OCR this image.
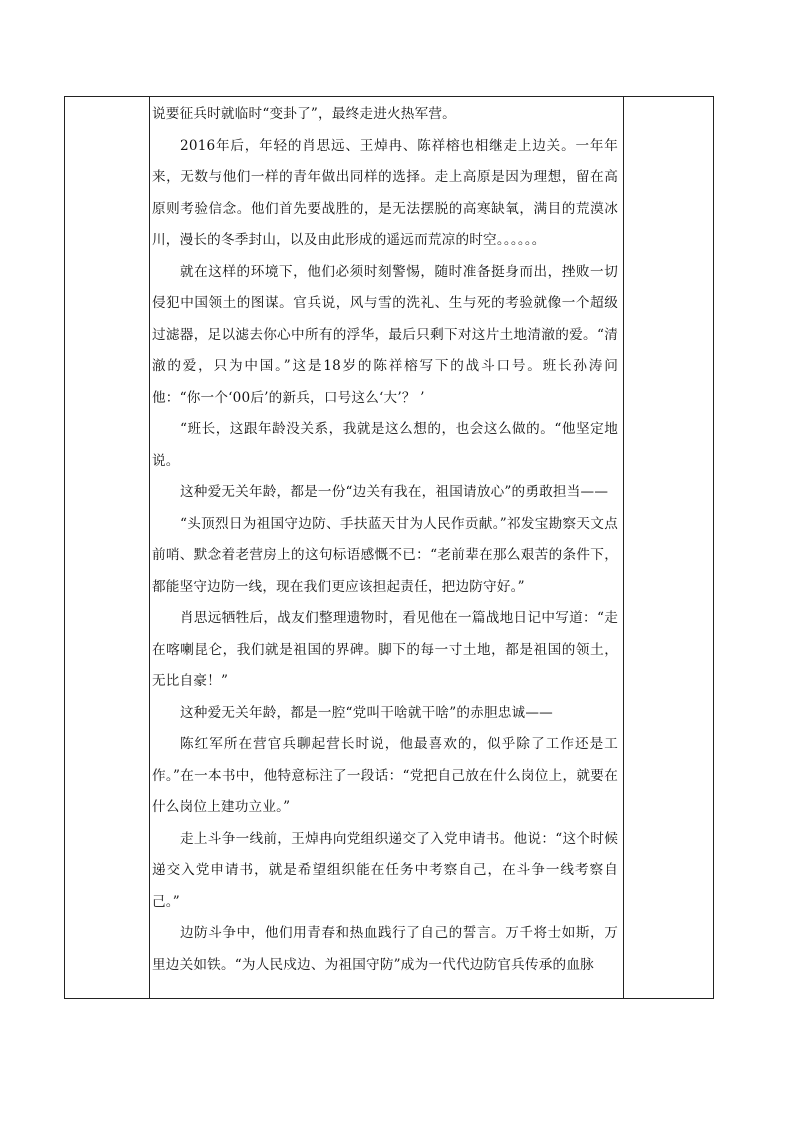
说要征兵时就临时“变卦了”，最终走进火热军营。

2016年后，年轻的肖思远、王焯冉、陈祥榕也相继走上边关。一年年来，无数与他们一样的青年做出同样的选择。走上高原是因为理想，留在高原则考验信念。他们首先要战胜的，是无法摆脱的高寒缺氧，满目的荒漠冰川，漫长的冬季封山，以及由此形成的遥远而荒凉的时空。。。。。。

就在这样的环境下，他们必须时刻警惕，随时准备挺身而出，挫败一切侵犯中国领土的图谋。官兵说，风与雪的洗礼、生与死的考验就像一个超级过滤器，足以滤去你心中所有的浮华，最后只剩下对这片土地清澈的爱。“清澈的爱，只为中国。”这是18岁的陈祥榕写下的战斗口号。班长孙涛问他：“你一个‘00后’的新兵，口号这么‘大’？ ’

“班长，这跟年龄没关系，我就是这么想的，也会这么做的。“他坚定地说。

这种爱无关年龄，都是一份“边关有我在，祖国请放心”的勇敢担当——

“头顶烈日为祖国守边防、手扶蓝天甘为人民作贡献。”祁发宝勘察天文点前哨、默念着老营房上的这句标语感慨不已：“老前辈在那么艰苦的条件下，都能坚守边防一线，现在我们更应该担起责任，把边防守好。”

肖思远牺牲后，战友们整理遗物时，看见他在一篇战地日记中写道：“走在喀喇昆仑，我们就是祖国的界碑。脚下的每一寸土地，都是祖国的领土，无比自豪！”

这种爱无关年龄，都是一腔“党叫干啥就干啥”的赤胆忠诚——

陈红军所在营官兵聊起营长时说，他最喜欢的，似乎除了工作还是工作。”在一本书中，他特意标注了一段话：“党把自己放在什么岗位上，就要在什么岗位上建功立业。”

走上斗争一线前，王焯冉向党组织递交了入党申请书。他说：“这个时候递交入党申请书，就是希望组织能在任务中考察自己，在斗争一线考察自己。”

边防斗争中，他们用青春和热血践行了自己的誓言。万千将士如斯，万里边关如铁。“为人民戍边、为祖国守防”成为一代代边防官兵传承的血脉
